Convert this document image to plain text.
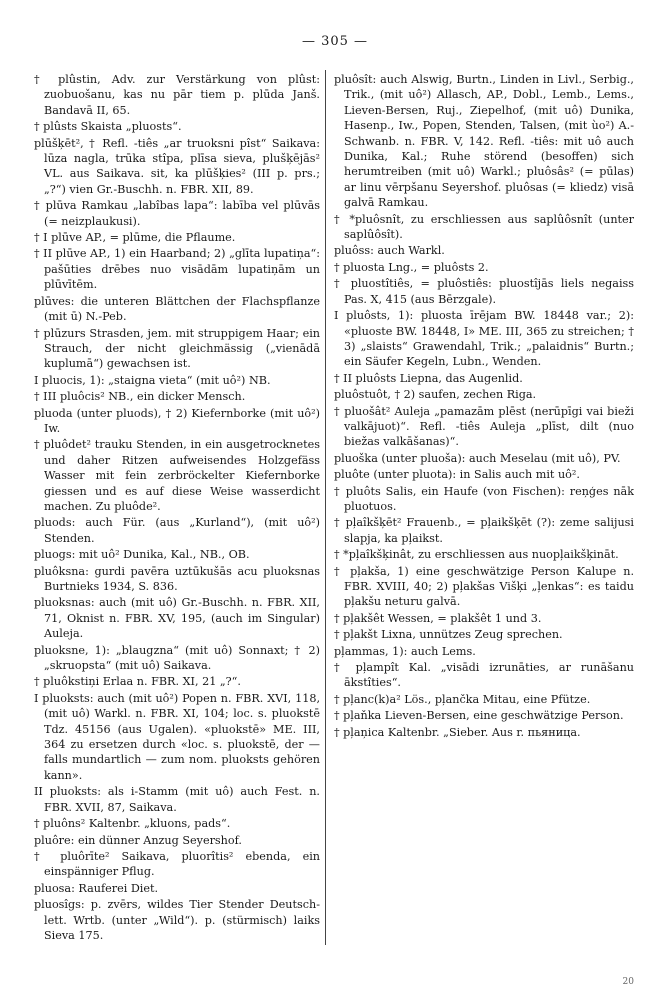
— 305 —

† plûstin, Adv. zur Verstärkung von plûst: zuobuošanu, kas nu pār tiem p. plūda Janš. Bandavā II, 65.

† plûsts Skaista „pluosts“.

plūšķēt², † Refl. -tiês „ar truoksni pîst“ Saikava: lūza nagla, trūka stîpa, plīsa sieva, plušķējās² VL. aus Saikava. sit, ka plūšķies² (III p. prs.; „?“) vien Gr.-Buschh. n. FBR. XII, 89.

† plūva Ramkau „labîbas lapa“: labība vel plūvās (= neizplaukusi).

† I plūve AP., = plūme, die Pflaume.

† II plūve AP., 1) ein Haarband; 2) „glīta lupatiņa“: pašūties drēbes nuo visādām lupatiņām un plūvītēm.

plūves: die unteren Blättchen der Flachspflanze (mit ū) N.-Peb.

† plūzurs Strasden, jem. mit struppigem Haar; ein Strauch, der nicht gleichmässig („vienādā kuplumā“) gewachsen ist.

I pluocis, 1): „staigna vieta“ (mit uô²) NB.

† III pluôcis² NB., ein dicker Mensch.

pluoda (unter pluods), † 2) Kiefernborke (mit uô²) Iw.

† pluôdet² trauku Stenden, in ein ausgetrocknetes und daher Ritzen aufweisendes Holzgefäss Wasser mit fein zerbröckelter Kiefernborke giessen und es auf diese Weise wasserdicht machen. Zu pluôde².

pluods: auch Für. (aus „Kurland“), (mit uô²) Stenden.

pluogs: mit uô² Dunika, Kal., NB., OB.

pluôksna: gurdi pavēra uztūkušās acu pluoksnas Burtnieks 1934, S. 836.

pluoksnas: auch (mit uô) Gr.-Buschh. n. FBR. XII, 71, Oknist n. FBR. XV, 195, (auch im Singular) Auleja.

pluoksne, 1): „blaugzna“ (mit uô) Sonnaxt; † 2) „skruopsta“ (mit uô) Saikava.

† pluôkstiņi Erlaa n. FBR. XI, 21 „?“.

I pluoksts: auch (mit uô²) Popen n. FBR. XVI, 118, (mit uô) Warkl. n. FBR. XI, 104; loc. s. pluokstē Tdz. 45156 (aus Ugalen). «pluokstē» ME. III, 364 zu ersetzen durch «loc. s. pluokstē, der — falls mundartlich — zum nom. pluoksts gehören kann».

II pluoksts: als i-Stamm (mit uô) auch Fest. n. FBR. XVII, 87, Saikava.

† pluôns² Kaltenbr. „kluons, pads“.

pluôre: ein dünner Anzug Seyershof.

† pluôrīte² Saikava, pluorîtis² ebenda, ein einspänniger Pflug.

pluosa: Rauferei Diet.

pluosîgs: p. zvērs, wildes Tier Stender Deutsch-lett. Wrtb. (unter „Wild“). p. (stürmisch) laiks Sieva 175.

pluôsît: auch Alswig, Burtn., Linden in Livl., Serbig., Trik., (mit uô²) Allasch, AP., Dobl., Lemb., Lems., Lieven-Bersen, Ruj., Ziepelhof, (mit uô) Dunika, Hasenp., Iw., Popen, Stenden, Talsen, (mit ùo²) A.-Schwanb. n. FBR. V, 142. Refl. -tiês: mit uô auch Dunika, Kal.; Ruhe störend (besoffen) sich herumtreiben (mit uô) Warkl.; pluôsâs² (= pūlas) ar linu vērpšanu Seyershof. pluôsas (= kliedz) visā galvā Ramkau.

† *pluôsnît, zu erschliessen aus saplûôsnît (unter saplûôsît).

pluôss: auch Warkl.

† pluosta Lng., = pluôsts 2.

† pluostîtiês, = pluôstiês: pluostîjās liels negaiss Pas. X, 415 (aus Bērzgale).

I pluôsts, 1): pluosta īrējam BW. 18448 var.; 2): «pluoste BW. 18448, I» ME. III, 365 zu streichen; † 3) „slaists“ Grawendahl, Trik.; „palaidnis“ Burtn.; ein Säufer Kegeln, Lubn., Wenden.

† II pluôsts Liepna, das Augenlid.

pluôstuôt, † 2) saufen, zechen Riga.

† pluošât² Auleja „pamazām plēst (nerūpīgi vai bieži valkājuot)“. Refl. -tiês Auleja „plīst, dilt (nuo biežas valkāšanas)“.

pluoška (unter pluoša): auch Meselau (mit uô), PV.

pluôte (unter pluota): in Salis auch mit uô².

† pluôts Salis, ein Haufe (von Fischen): reņģes nāk pluotuos.

† pļaîkšķēt² Frauenb., = pļaikšķēt (?): zeme salijusi slapja, ka pļaikst.

† *pļaîkšķinât, zu erschliessen aus nuopļaikšķināt.

† pļakša, 1) eine geschwätzige Person Kalupe n. FBR. XVIII, 40; 2) pļakšas Višķi „ļenkas“: es taidu pļakšu neturu galvā.

† pļakšêt Wessen, = plakšêt 1 und 3.

† pļakšt Lixna, unnützes Zeug sprechen.

pļammas, 1): auch Lems.

† pļampît Kal. „visādi izrunāties, ar runāšanu ākstîties“.

† pļanc(k)a² Lös., pļančka Mitau, eine Pfütze.

† pļaňka Lieven-Bersen, eine geschwätzige Person.

† pļaņica Kaltenbr. „Sieber. Aus r. пьяница.

20
